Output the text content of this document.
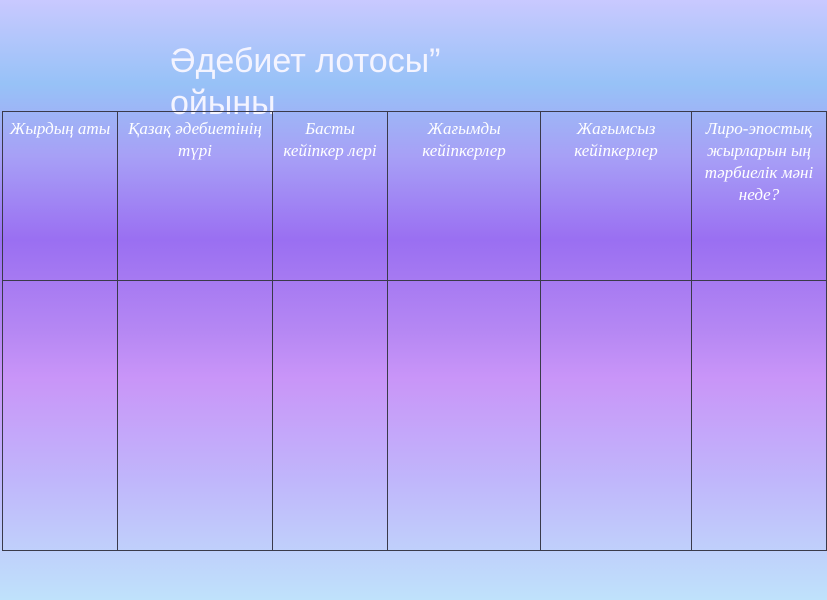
Әдебиет лотосы” ойыны
Жырдың аты	Қазақ әдебиетінің түрі	Басты кейіпкер лері	Жағымды кейіпкерлер	Жағымсыз кейіпкерлер	Лиро-эпостық жырларын ың тәрбиелік мәні неде?
